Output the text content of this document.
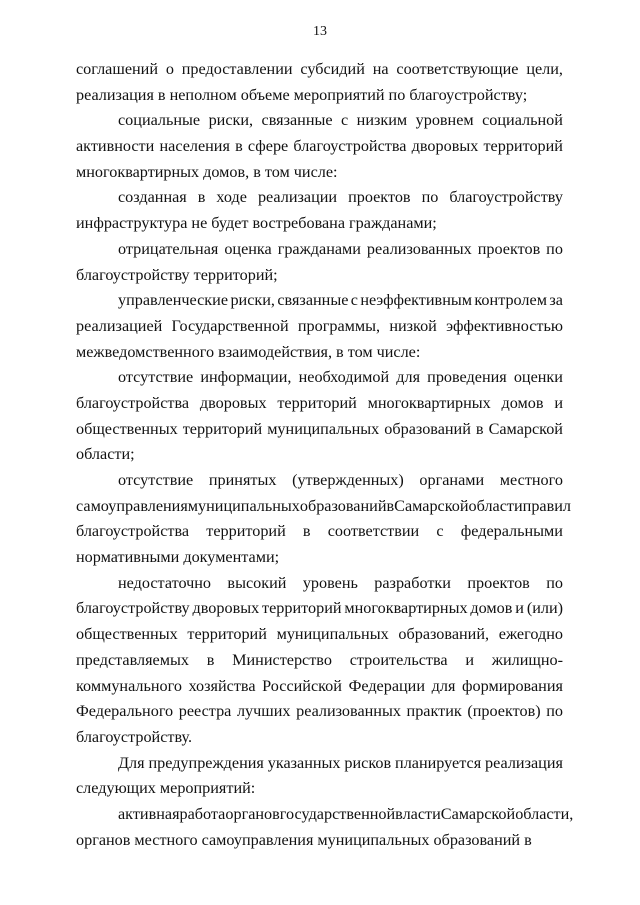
13
соглашений о предоставлении субсидий на соответствующие цели,
реализация в неполном объеме мероприятий по благоустройству;
социальные риски, связанные с низким уровнем социальной
активности населения в сфере благоустройства дворовых территорий
многоквартирных домов, в том числе:
созданная в ходе реализации проектов по благоустройству
инфраструктура не будет востребована гражданами;
отрицательная оценка гражданами реализованных проектов по
благоустройству территорий;
управленческие риски, связанные с неэффективным контролем за
реализацией Государственной программы, низкой эффективностью
межведомственного взаимодействия, в том числе:
отсутствие информации, необходимой для проведения оценки
благоустройства дворовых территорий многоквартирных домов и
общественных территорий муниципальных образований в Самарской
области;
отсутствие принятых (утвержденных) органами местного
самоуправления муниципальных образований в Самарской области правил
благоустройства территорий в соответствии с федеральными
нормативными документами;
недостаточно высокий уровень разработки проектов по
благоустройству дворовых территорий многоквартирных домов и (или)
общественных территорий муниципальных образований, ежегодно
представляемых в Министерство строительства и жилищно-
коммунального хозяйства Российской Федерации для формирования
Федерального реестра лучших реализованных практик (проектов) по
благоустройству.
Для предупреждения указанных рисков планируется реализация
следующих мероприятий:
активная работа органов государственной власти Самарской области,
органов местного самоуправления муниципальных образований в
